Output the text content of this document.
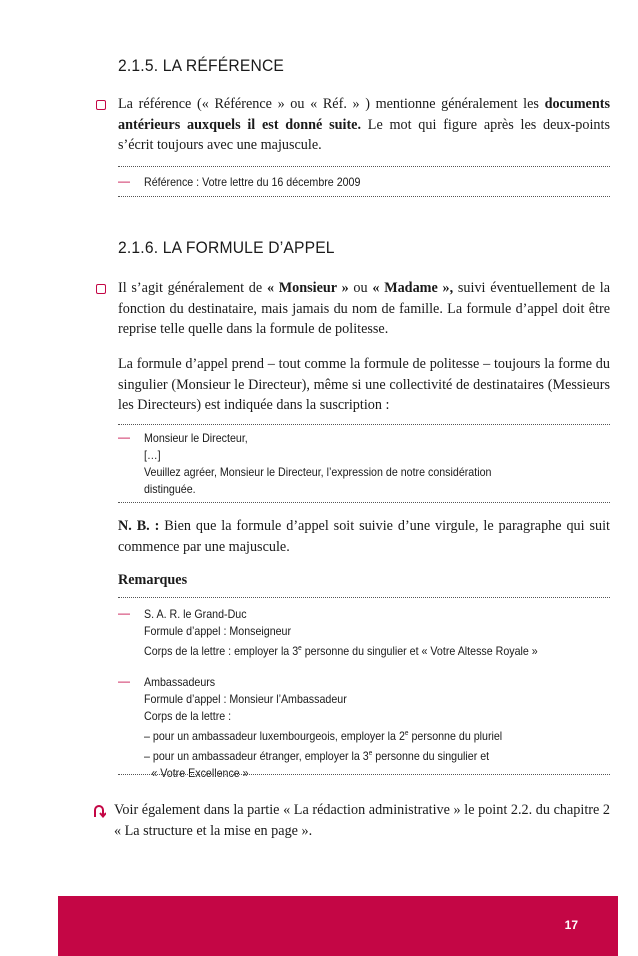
2.1.5. LA RÉFÉRENCE
La référence (« Référence » ou « Réf. » ) mentionne généralement les documents antérieurs auxquels il est donné suite. Le mot qui figure après les deux-points s’écrit toujours avec une majuscule.
— Référence : Votre lettre du 16 décembre 2009
2.1.6. LA FORMULE D’APPEL
Il s’agit généralement de « Monsieur » ou « Madame », suivi éventuellement de la fonction du destinataire, mais jamais du nom de famille. La formule d’appel doit être reprise telle quelle dans la formule de politesse.
La formule d’appel prend – tout comme la formule de politesse – toujours la forme du singulier (Monsieur le Directeur), même si une collectivité de destinataires (Messieurs les Directeurs) est indiquée dans la suscription :
— Monsieur le Directeur,
[…]
Veuillez agréer, Monsieur le Directeur, l’expression de notre considération
distinguée.
N. B. : Bien que la formule d’appel soit suivie d’une virgule, le paragraphe qui suit commence par une majuscule.
Remarques
— S. A. R. le Grand-Duc
Formule d’appel : Monseigneur
Corps de la lettre : employer la 3e personne du singulier et « Votre Altesse Royale »
— Ambassadeurs
Formule d’appel : Monsieur l’Ambassadeur
Corps de la lettre :
– pour un ambassadeur luxembourgeois, employer la 2e personne du pluriel
– pour un ambassadeur étranger, employer la 3e personne du singulier et
« Votre Excellence »
Voir également dans la partie « La rédaction administrative » le point 2.2. du chapitre 2 « La structure et la mise en page ».
17
